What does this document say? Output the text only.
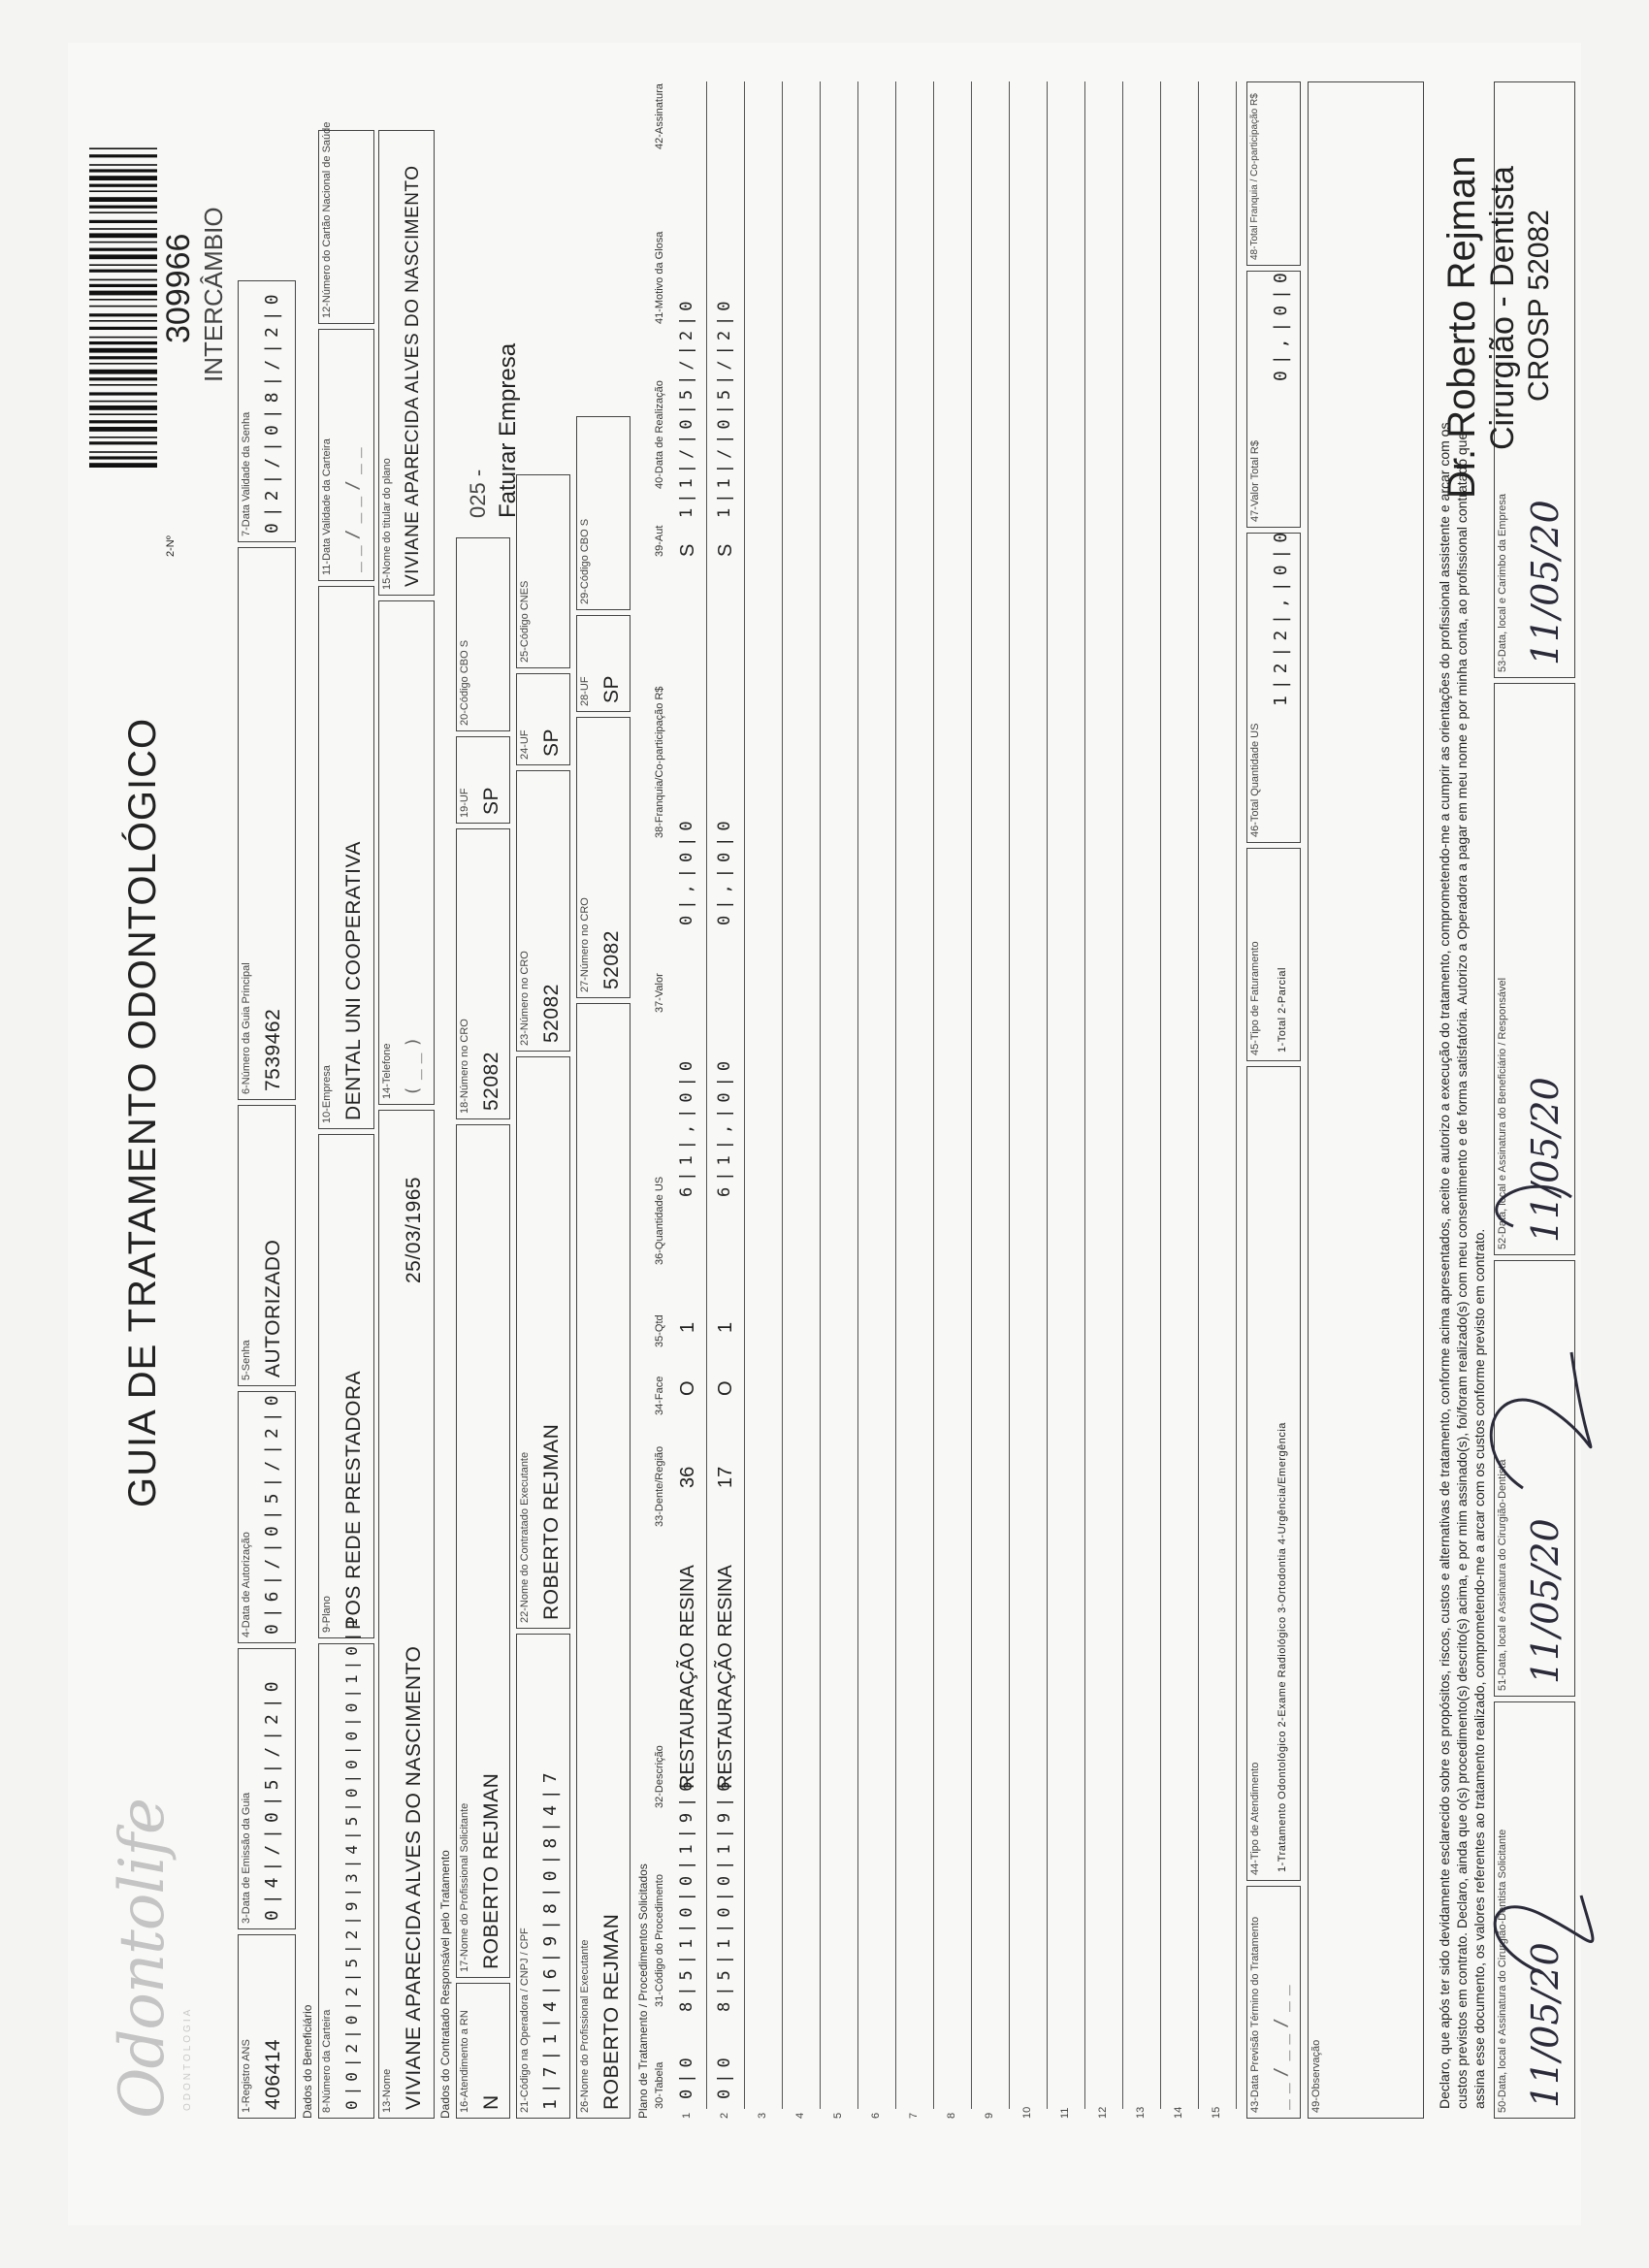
Odontolife ODONTOLOGIA
GUIA DE TRATAMENTO ODONTOLÓGICO
2-Nº
309966 INTERCÂMBIO
1-Registro ANS 406414
3-Data de Emissão da Guia 0|4|/|0|5|/|2|0
4-Data de Autorização 0|6|/|0|5|/|2|0
5-Senha AUTORIZADO
6-Número da Guia Principal 7539462
7-Data Validade da Senha 0|2|/|0|8|/|2|0
Dados do Beneficiário 8-Número da Carteira 0|0|2|0|2|5|2|9|3|4|5|0|0|0|0|1|0|1
9-Plano POS REDE PRESTADORA
10-Empresa DENTAL UNI COOPERATIVA
11-Data Validade da Carteira __/__/__
12-Número do Cartão Nacional de Saúde
13-Nome VIVIANE APARECIDA ALVES DO NASCIMENTO
25/03/1965
14-Telefone (__)
15-Nome do titular do plano VIVIANE APARECIDA ALVES DO NASCIMENTO
Dados do Contratado Responsável pelo Tratamento 16-Atendimento a RN N
17-Nome do Profissional Solicitante ROBERTO REJMAN
18-Número no CRO 52082
19-UF SP
20-Código CBO S
025 - Faturar Empresa
21-Código na Operadora / CNPJ / CPF 1|7|1|4|6|9|8|0|8|4|7
22-Nome do Contratado Executante ROBERTO REJMAN
23-Número no CRO 52082
24-UF SP
25-Código CNES
26-Nome do Profissional Executante ROBERTO REJMAN
27-Número no CRO 52082
28-UF SP
29-Código CBO S
Plano de Tratamento / Procedimentos Solicitados 30-Tabela
31-Código do Procedimento
32-Descrição
33-Dente/Região
34-Face
35-Qtd
36-Quantidade US
37-Valor
38-Franquia/Co-participação R$
39-Aut
40-Data de Realização
41-Motivo da Glosa
42-Assinatura
1
0|0
8|5|1|0|0|1|9|6
RESTAURAÇÃO RESINA
36
O
1
6|1|,|0|0
0|,|0|0
S
1|1|/|0|5|/|2|0
2
0|0
8|5|1|0|0|1|9|6
RESTAURAÇÃO RESINA
17
O
1
6|1|,|0|0
0|,|0|0
S
1|1|/|0|5|/|2|0
3 4 5 6 7 8 9 10 11 12 13 14 15	43-Data Previsão Término do Tratamento __/__/__
44-Tipo de Atendimento 1-Tratamento Odontológico 2-Exame Radiológico 3-Ortodontia 4-Urgência/Emergência
45-Tipo de Faturamento 1-Total 2-Parcial
46-Total Quantidade US
1|2|2|,|0|0
47-Valor Total R$
0|,|0|0
48-Total Franquia / Co-participação R$
49-Observação	Declaro, que após ter sido devidamente esclarecido sobre os propósitos, riscos, custos e alternativas de tratamento, conforme acima apresentados, aceito e autorizo a execução do tratamento, comprometendo-me a cumprir as orientações do profissional assistente e arcar com os custos previstos em contrato. Declaro, ainda que o(s) procedimento(s) descrito(s) acima, e por mim assinado(s), foi/foram realizado(s) com meu consentimento e de forma satisfatória. Autorizo a Operadora a pagar em meu nome e por minha conta, ao profissional contratado que assina esse documento, os valores referentes ao tratamento realizado, comprometendo-me a arcar com os custos conforme previsto em contrato. 50-Data, local e Assinatura do Cirurgião-Dentista Solicitante 11/05/20
51-Data, local e Assinatura do Cirurgião-Dentista 11/05/20
52-Data, local e Assinatura do Beneficiário / Responsável 11/05/20
53-Data, local e Carimbo da Empresa 11/05/20
Dr. Roberto Rejman Cirurgião - Dentista CROSP 52082
